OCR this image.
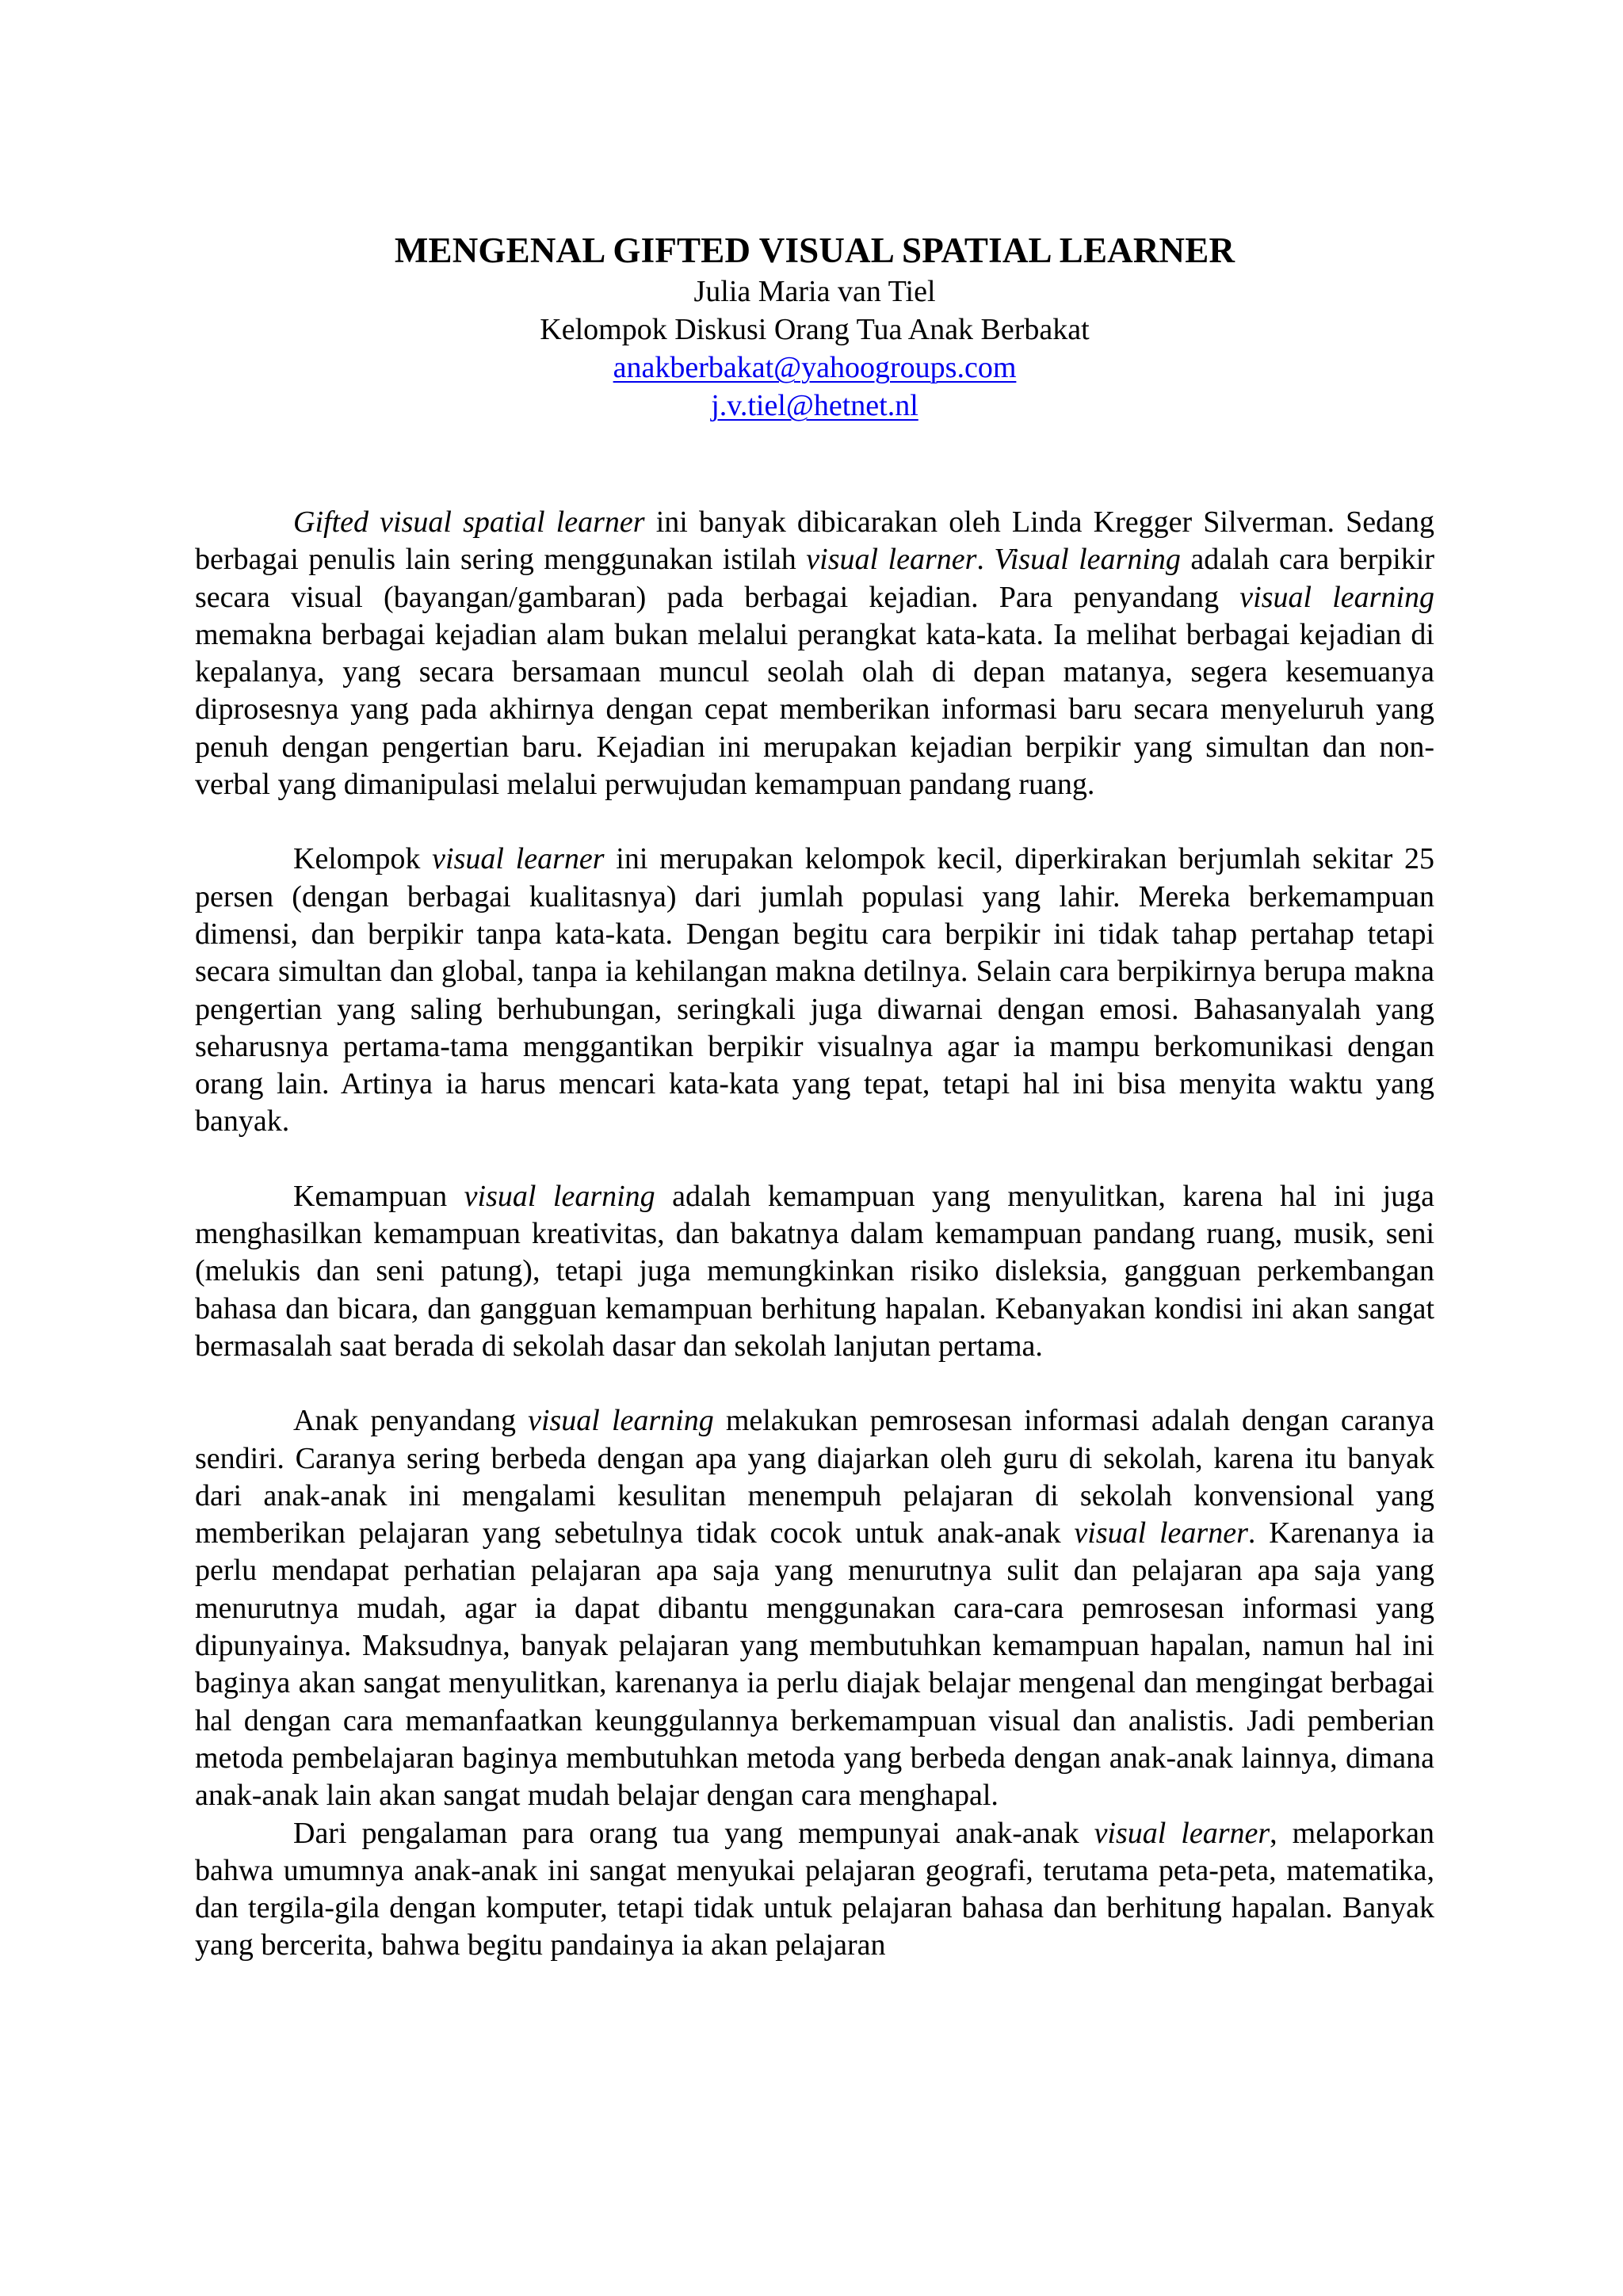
MENGENAL GIFTED VISUAL SPATIAL LEARNER

Julia Maria van Tiel

Kelompok Diskusi Orang Tua Anak Berbakat

anakberbakat@yahoogroups.com

j.v.tiel@hetnet.nl

Gifted visual spatial learner ini banyak dibicarakan oleh Linda Kregger Silverman. Sedang berbagai penulis lain sering menggunakan istilah visual learner. Visual learning adalah cara berpikir secara visual (bayangan/gambaran) pada berbagai kejadian. Para penyandang visual learning memakna berbagai kejadian alam bukan melalui perangkat kata-kata. Ia melihat berbagai kejadian di kepalanya, yang secara bersamaan muncul seolah olah di depan matanya, segera kesemuanya diprosesnya yang pada akhirnya dengan cepat memberikan informasi baru secara menyeluruh yang penuh dengan pengertian baru. Kejadian ini merupakan kejadian berpikir yang simultan dan non-verbal yang dimanipulasi melalui perwujudan kemampuan pandang ruang.

Kelompok visual learner ini merupakan kelompok kecil, diperkirakan berjumlah sekitar 25 persen (dengan berbagai kualitasnya) dari jumlah populasi yang lahir. Mereka berkemampuan dimensi, dan berpikir tanpa kata-kata. Dengan begitu cara berpikir ini tidak tahap pertahap tetapi secara simultan dan global, tanpa ia kehilangan makna detilnya. Selain cara berpikirnya berupa makna pengertian yang saling berhubungan, seringkali juga diwarnai dengan emosi. Bahasanyalah yang seharusnya pertama-tama menggantikan berpikir visualnya agar ia mampu berkomunikasi dengan orang lain. Artinya ia harus mencari kata-kata yang tepat, tetapi hal ini bisa menyita waktu yang banyak.

Kemampuan visual learning adalah kemampuan yang menyulitkan, karena hal ini juga menghasilkan kemampuan kreativitas, dan bakatnya dalam kemampuan pandang ruang, musik, seni (melukis dan seni patung), tetapi juga memungkinkan risiko disleksia, gangguan perkembangan bahasa dan bicara, dan gangguan kemampuan berhitung hapalan. Kebanyakan kondisi ini akan sangat bermasalah saat berada di sekolah dasar dan sekolah lanjutan pertama.

Anak penyandang visual learning melakukan pemrosesan informasi adalah dengan caranya sendiri. Caranya sering berbeda dengan apa yang diajarkan oleh guru di sekolah, karena itu banyak dari anak-anak ini mengalami kesulitan menempuh pelajaran di sekolah konvensional yang memberikan pelajaran yang sebetulnya tidak cocok untuk anak-anak visual learner. Karenanya ia perlu mendapat perhatian pelajaran apa saja yang menurutnya sulit dan pelajaran apa saja yang menurutnya mudah, agar ia dapat dibantu menggunakan cara-cara pemrosesan informasi yang dipunyainya. Maksudnya, banyak pelajaran yang membutuhkan kemampuan hapalan, namun hal ini baginya akan sangat menyulitkan, karenanya ia perlu diajak belajar mengenal dan mengingat berbagai hal dengan cara memanfaatkan keunggulannya berkemampuan visual dan analistis. Jadi pemberian metoda pembelajaran baginya membutuhkan metoda yang berbeda dengan anak-anak lainnya, dimana anak-anak lain akan sangat mudah belajar dengan cara menghapal.

Dari pengalaman para orang tua yang mempunyai anak-anak visual learner, melaporkan bahwa umumnya anak-anak ini sangat menyukai pelajaran geografi, terutama peta-peta, matematika, dan tergila-gila dengan komputer, tetapi tidak untuk pelajaran bahasa dan berhitung hapalan. Banyak yang bercerita, bahwa begitu pandainya ia akan pelajaran
